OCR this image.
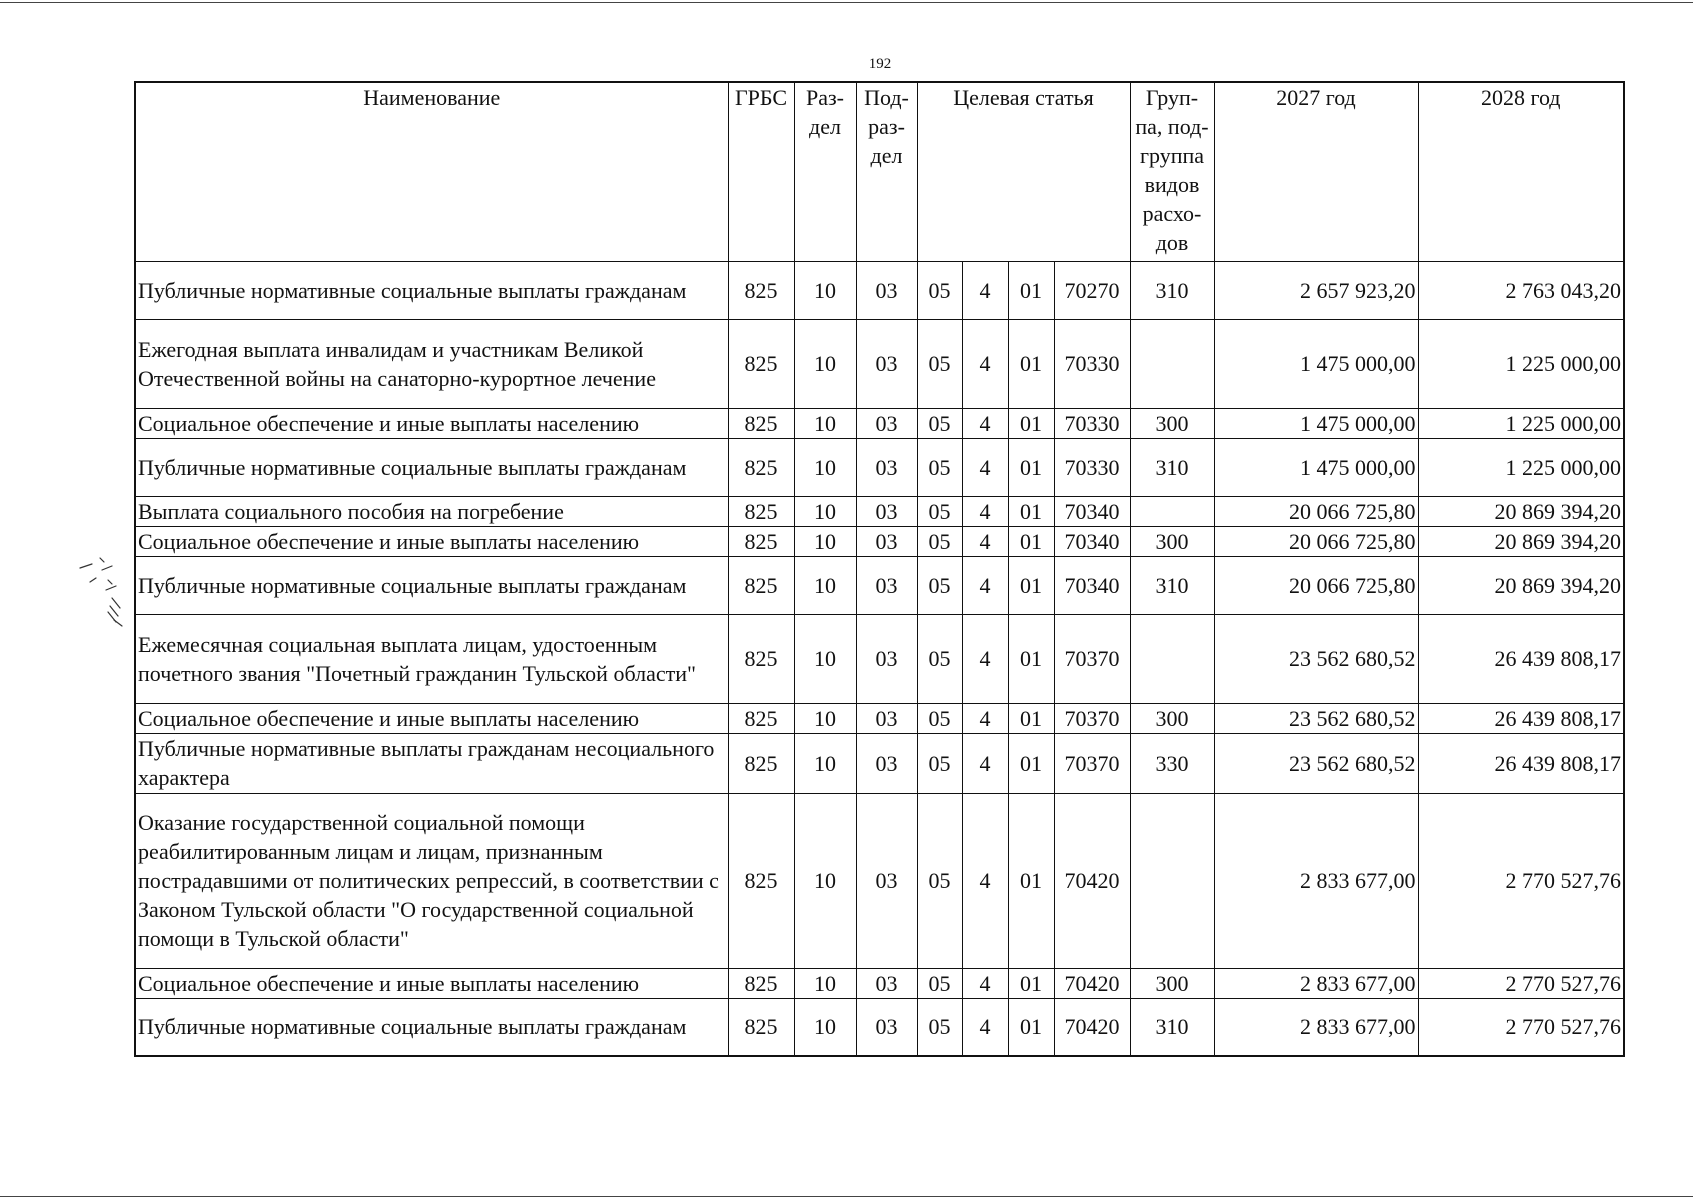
192
Наименование	ГРБС	Раз-дел	Под-раз-дел	Целевая статья				Груп-па, под-группа видов расхо-дов	2027 год	2028 год
Публичные нормативные социальные выплаты гражданам	825	10	03	05	4	01	70270	310	2 657 923,20	2 763 043,20
Ежегодная выплата инвалидам и участникам Великой Отечественной войны на санаторно-курортное лечение	825	10	03	05	4	01	70330		1 475 000,00	1 225 000,00
Социальное обеспечение и иные выплаты населению	825	10	03	05	4	01	70330	300	1 475 000,00	1 225 000,00
Публичные нормативные социальные выплаты гражданам	825	10	03	05	4	01	70330	310	1 475 000,00	1 225 000,00
Выплата социального пособия на погребение	825	10	03	05	4	01	70340		20 066 725,80	20 869 394,20
Социальное обеспечение и иные выплаты населению	825	10	03	05	4	01	70340	300	20 066 725,80	20 869 394,20
Публичные нормативные социальные выплаты гражданам	825	10	03	05	4	01	70340	310	20 066 725,80	20 869 394,20
Ежемесячная социальная выплата лицам, удостоенным почетного звания "Почетный гражданин Тульской области"	825	10	03	05	4	01	70370		23 562 680,52	26 439 808,17
Социальное обеспечение и иные выплаты населению	825	10	03	05	4	01	70370	300	23 562 680,52	26 439 808,17
Публичные нормативные выплаты гражданам несоциального характера	825	10	03	05	4	01	70370	330	23 562 680,52	26 439 808,17
Оказание государственной социальной помощи реабилитированным лицам и лицам, признанным пострадавшими от политических репрессий, в соответствии с Законом Тульской области "О государственной социальной помощи в Тульской области"	825	10	03	05	4	01	70420		2 833 677,00	2 770 527,76
Социальное обеспечение и иные выплаты населению	825	10	03	05	4	01	70420	300	2 833 677,00	2 770 527,76
Публичные нормативные социальные выплаты гражданам	825	10	03	05	4	01	70420	310	2 833 677,00	2 770 527,76
